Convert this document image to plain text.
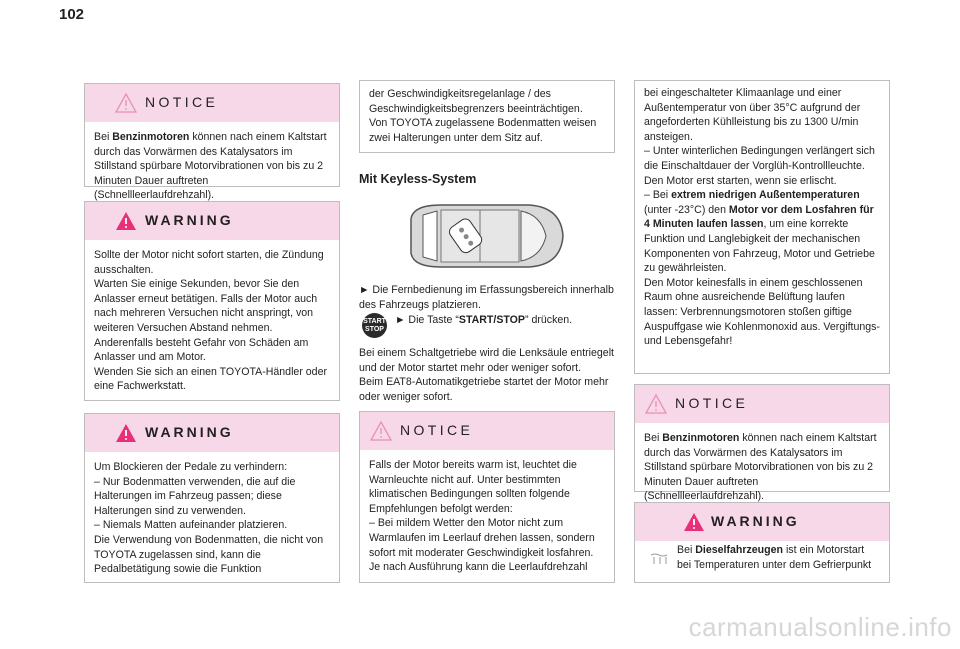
102
NOTICE

Bei Benzinmotoren können nach einem Kaltstart durch das Vorwärmen des Katalysators im Stillstand spürbare Motorvibrationen von bis zu 2 Minuten Dauer auftreten (Schnellleerlaufdrehzahl).

WARNING
Sollte der Motor nicht sofort starten, die Zündung ausschalten.
Warten Sie einige Sekunden, bevor Sie den Anlasser erneut betätigen. Falls der Motor auch nach mehreren Versuchen nicht anspringt, von weiteren Versuchen Abstand nehmen. Anderenfalls besteht Gefahr von Schäden am Anlasser und am Motor.
Wenden Sie sich an einen TOYOTA-Händler oder eine Fachwerkstatt.
WARNING
Um Blockieren der Pedale zu verhindern:
– Nur Bodenmatten verwenden, die auf die Halterungen im Fahrzeug passen; diese Halterungen sind zu verwenden.
– Niemals Matten aufeinander platzieren.
Die Verwendung von Bodenmatten, die nicht von TOYOTA zugelassen sind, kann die Pedalbetätigung sowie die Funktion
der Geschwindigkeitsregelanlage / des Geschwindigkeitsbegrenzers beeinträchtigen.
Von TOYOTA zugelassene Bodenmatten weisen zwei Halterungen unter dem Sitz auf.
Mit Keyless-System
► Die Fernbedienung im Erfassungsbereich innerhalb des Fahrzeugs platzieren.
START
STOP
► Die Taste “START/STOP” drücken.
Bei einem Schaltgetriebe wird die Lenksäule entriegelt und der Motor startet mehr oder weniger sofort.
Beim EAT8-Automatikgetriebe startet der Motor mehr oder weniger sofort.
NOTICE
Falls der Motor bereits warm ist, leuchtet die Warnleuchte nicht auf. Unter bestimmten klimatischen Bedingungen sollten folgende Empfehlungen befolgt werden:
– Bei mildem Wetter den Motor nicht zum Warmlaufen im Leerlauf drehen lassen, sondern sofort mit moderater Geschwindigkeit losfahren.
Je nach Ausführung kann die Leerlaufdrehzahl
bei eingeschalteter Klimaanlage und einer Außentemperatur von über 35°C aufgrund der angeforderten Kühlleistung bis zu 1300 U/min ansteigen.
– Unter winterlichen Bedingungen verlängert sich die Einschaltdauer der Vorglüh-Kontrollleuchte. Den Motor erst starten, wenn sie erlischt.
– Bei extrem niedrigen Außentemperaturen (unter -23°C) den Motor vor dem Losfahren für 4 Minuten laufen lassen, um eine korrekte Funktion und Langlebigkeit der mechanischen Komponenten von Fahrzeug, Motor und Getriebe zu gewährleisten.
Den Motor keinesfalls in einem geschlossenen Raum ohne ausreichende Belüftung laufen lassen: Verbrennungsmotoren stoßen giftige Auspuffgase wie Kohlenmonoxid aus. Vergiftungs- und Lebensgefahr!
NOTICE

Bei Benzinmotoren können nach einem Kaltstart durch das Vorwärmen des Katalysators im Stillstand spürbare Motorvibrationen von bis zu 2 Minuten Dauer auftreten (Schnellleerlaufdrehzahl).

WARNING

Bei Dieselfahrzeugen ist ein Motorstart bei Temperaturen unter dem Gefrierpunkt

carmanualsonline.info
